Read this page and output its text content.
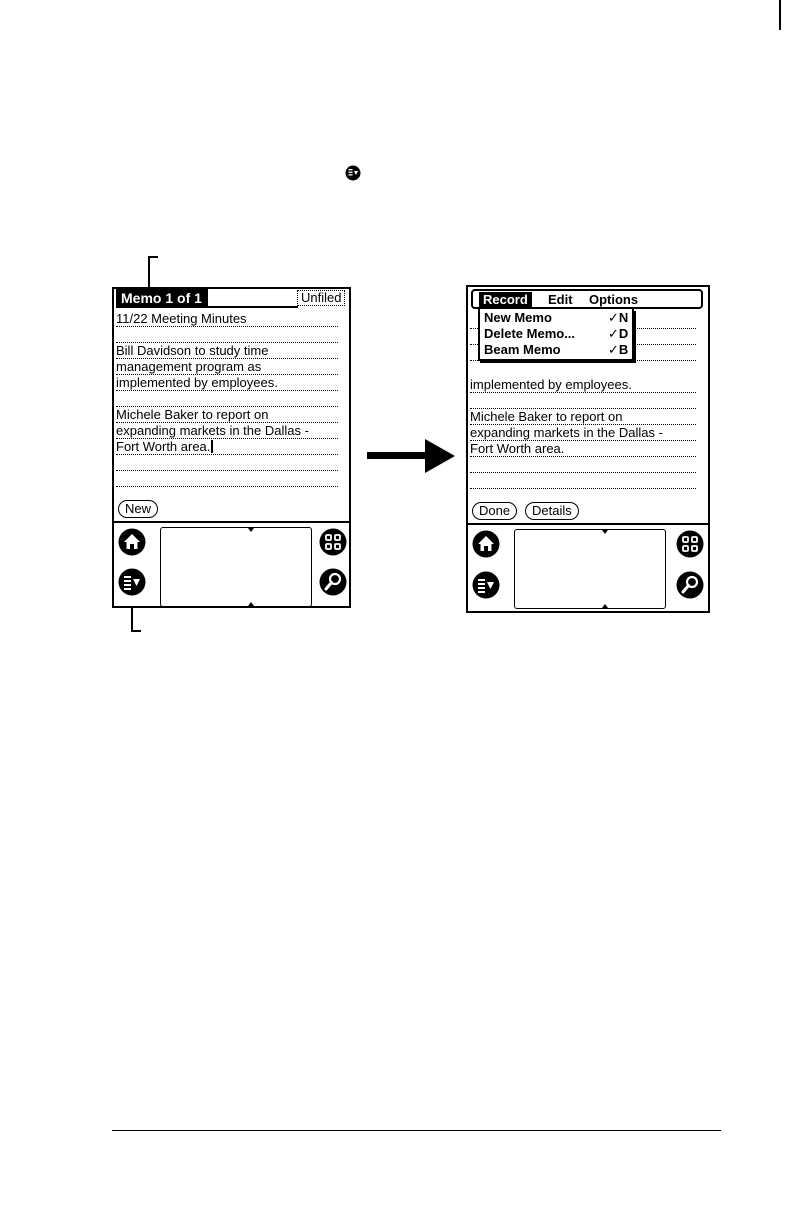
Memo 1 of 1	Unfiled
11/22 Meeting Minutes
Bill Davidson to study time
management program as
implemented by employees.
Michele Baker to report on
expanding markets in the Dallas -
Fort Worth area.
New
implemented by employees.
Michele Baker to report on
expanding markets in the Dallas -
Fort Worth area.
Record	Edit	Options
New Memo	✓N
Delete Memo...	✓D
Beam Memo	✓B
Done	Details
